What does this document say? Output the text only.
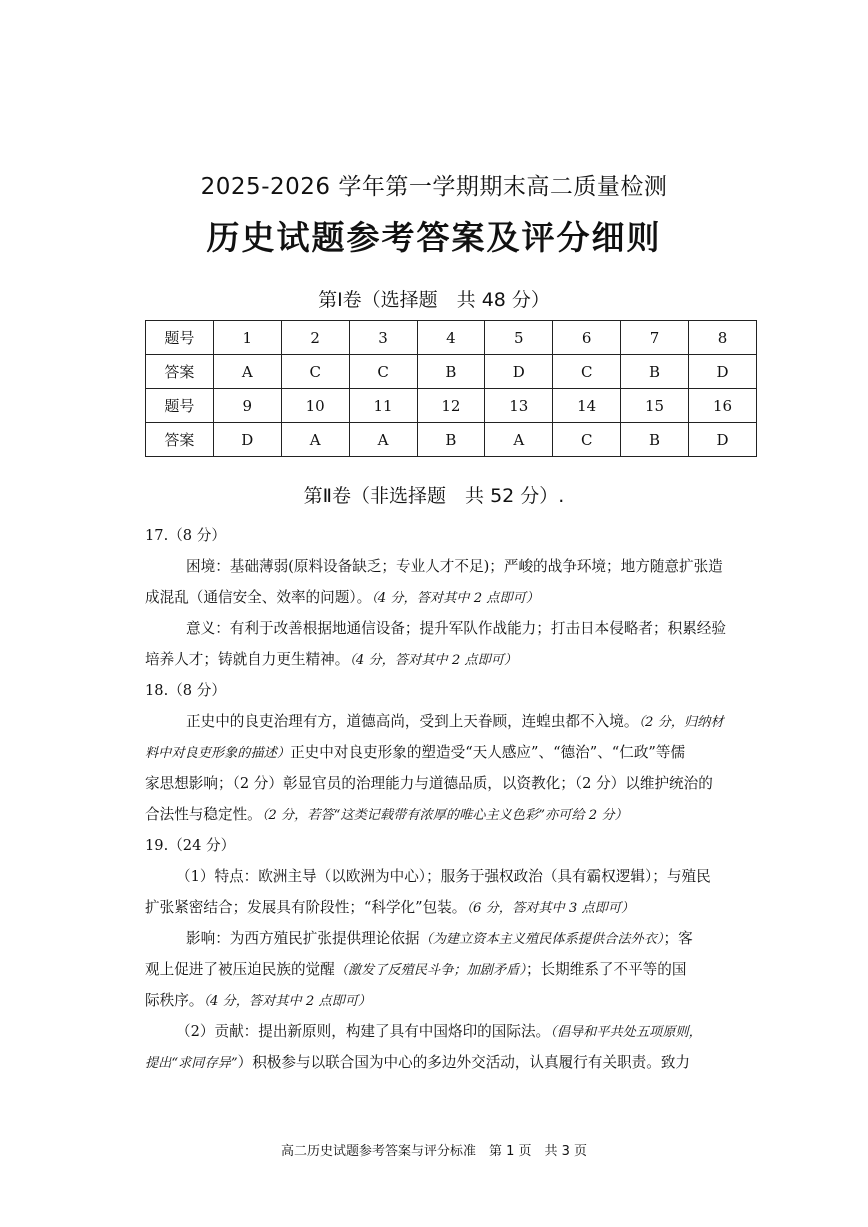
2025-2026 学年第一学期期末高二质量检测
历史试题参考答案及评分细则
第Ⅰ卷（选择题　共 48 分）
题号	1	2	3	4	5	6	7	8
答案	A	C	C	B	D	C	B	D
题号	9	10	11	12	13	14	15	16
答案	D	A	A	B	A	C	B	D
第Ⅱ卷（非选择题　共 52 分）.
17.（8 分）
困境：基础薄弱(原料设备缺乏；专业人才不足)；严峻的战争环境；地方随意扩张造
成混乱（通信安全、效率的问题）。（4 分，答对其中 2 点即可）
意义：有利于改善根据地通信设备；提升军队作战能力；打击日本侵略者；积累经验
培养人才；铸就自力更生精神。（4 分，答对其中 2 点即可）
18.（8 分）
正史中的良吏治理有方，道德高尚，受到上天眷顾，连蝗虫都不入境。（2 分，归纳材
料中对良吏形象的描述）正史中对良吏形象的塑造受“天人感应”、“德治”、“仁政”等儒
家思想影响；（2 分）彰显官员的治理能力与道德品质，以资教化；（2 分）以维护统治的
合法性与稳定性。（2 分，若答“这类记载带有浓厚的唯心主义色彩”亦可给 2 分）
19.（24 分）
（1）特点：欧洲主导（以欧洲为中心）；服务于强权政治（具有霸权逻辑）；与殖民
扩张紧密结合；发展具有阶段性；“科学化”包装。（6 分，答对其中 3 点即可）
影响：为西方殖民扩张提供理论依据（为建立资本主义殖民体系提供合法外衣）；客
观上促进了被压迫民族的觉醒（激发了反殖民斗争；加剧矛盾）；长期维系了不平等的国
际秩序。（4 分，答对其中 2 点即可）
（2）贡献：提出新原则，构建了具有中国烙印的国际法。（倡导和平共处五项原则，
提出“求同存异”）积极参与以联合国为中心的多边外交活动，认真履行有关职责。致力
高二历史试题参考答案与评分标准　第 1 页　共 3 页
